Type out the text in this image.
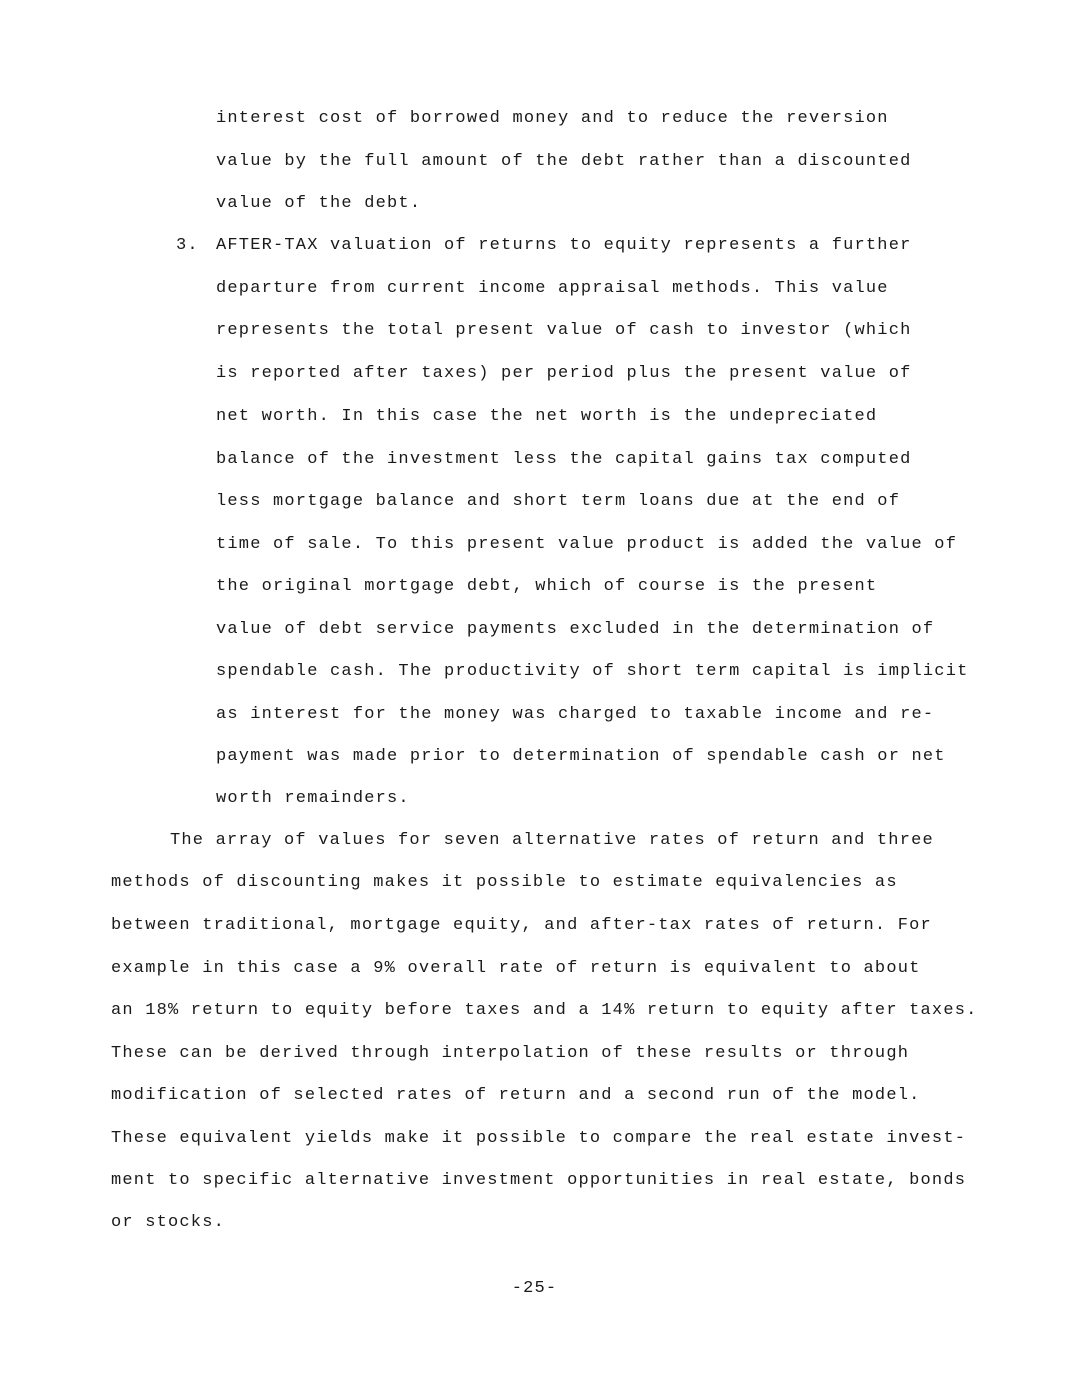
interest cost of borrowed money and to reduce the reversion
value by the full amount of the debt rather than a discounted
value of the debt.
3. AFTER-TAX valuation of returns to equity represents a further
departure from current income appraisal methods. This value
represents the total present value of cash to investor (which
is reported after taxes) per period plus the present value of
net worth. In this case the net worth is the undepreciated
balance of the investment less the capital gains tax computed
less mortgage balance and short term loans due at the end of
time of sale. To this present value product is added the value of
the original mortgage debt, which of course is the present
value of debt service payments excluded in the determination of
spendable cash. The productivity of short term capital is implicit
as interest for the money was charged to taxable income and re-
payment was made prior to determination of spendable cash or net
worth remainders.
The array of values for seven alternative rates of return and three
methods of discounting makes it possible to estimate equivalencies as
between traditional, mortgage equity, and after-tax rates of return. For
example in this case a 9% overall rate of return is equivalent to about
an 18% return to equity before taxes and a 14% return to equity after taxes.
These can be derived through interpolation of these results or through
modification of selected rates of return and a second run of the model.
These equivalent yields make it possible to compare the real estate invest-
ment to specific alternative investment opportunities in real estate, bonds
or stocks.
-25-
